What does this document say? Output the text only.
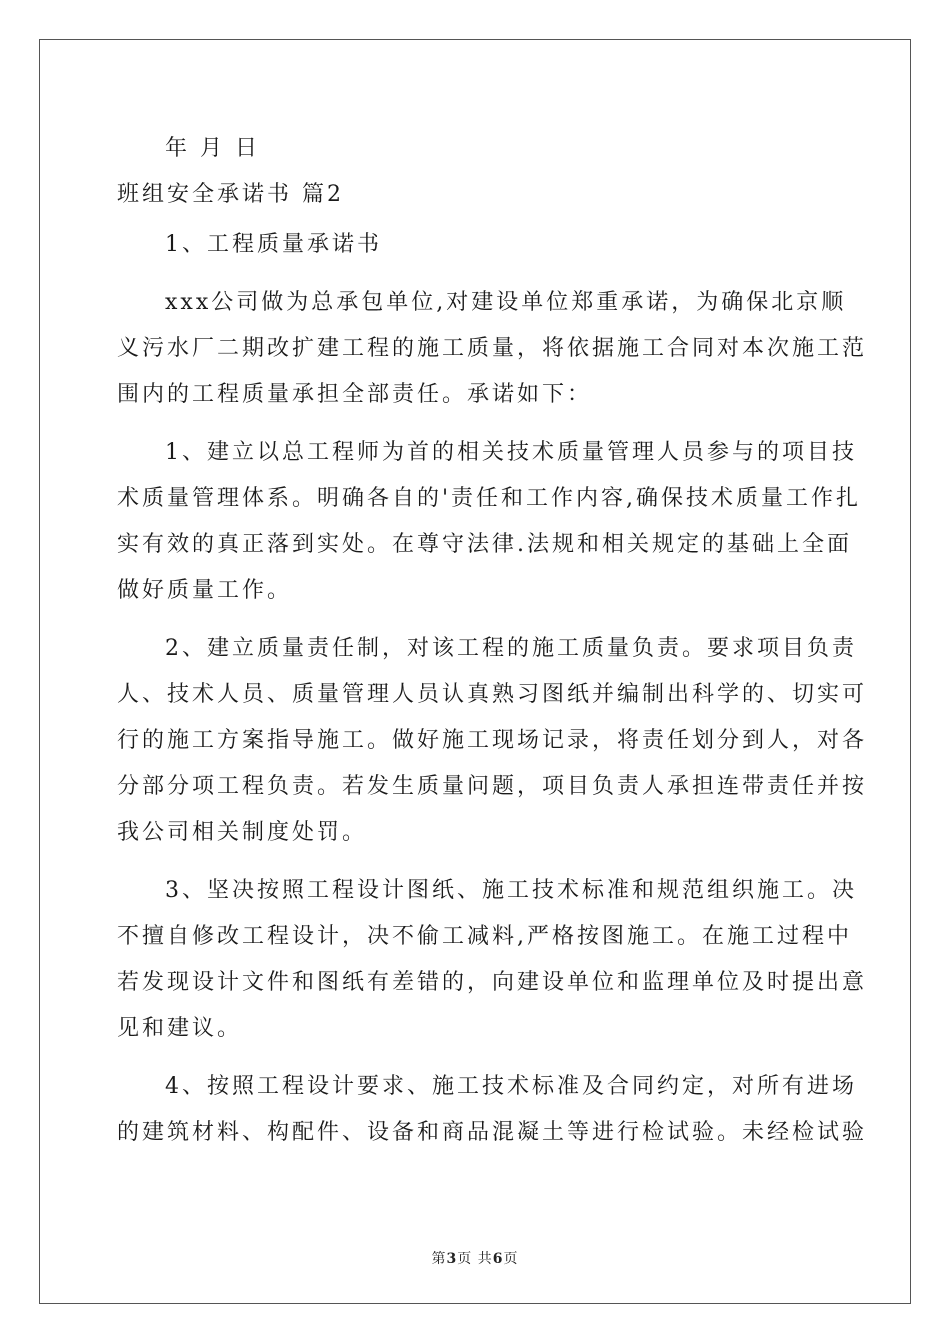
年 月 日
班组安全承诺书 篇2
1、工程质量承诺书
xxx公司做为总承包单位,对建设单位郑重承诺，为确保北京顺
义污水厂二期改扩建工程的施工质量，将依据施工合同对本次施工范
围内的工程质量承担全部责任。承诺如下：
1、建立以总工程师为首的相关技术质量管理人员参与的项目技
术质量管理体系。明确各自的'责任和工作内容,确保技术质量工作扎
实有效的真正落到实处。在尊守法律.法规和相关规定的基础上全面
做好质量工作。
2、建立质量责任制，对该工程的施工质量负责。要求项目负责
人、技术人员、质量管理人员认真熟习图纸并编制出科学的、切实可
行的施工方案指导施工。做好施工现场记录，将责任划分到人，对各
分部分项工程负责。若发生质量问题，项目负责人承担连带责任并按
我公司相关制度处罚。
3、坚决按照工程设计图纸、施工技术标准和规范组织施工。决
不擅自修改工程设计，决不偷工减料,严格按图施工。在施工过程中
若发现设计文件和图纸有差错的，向建设单位和监理单位及时提出意
见和建议。
4、按照工程设计要求、施工技术标准及合同约定，对所有进场
的建筑材料、构配件、设备和商品混凝土等进行检试验。未经检试验
第3页 共6页
